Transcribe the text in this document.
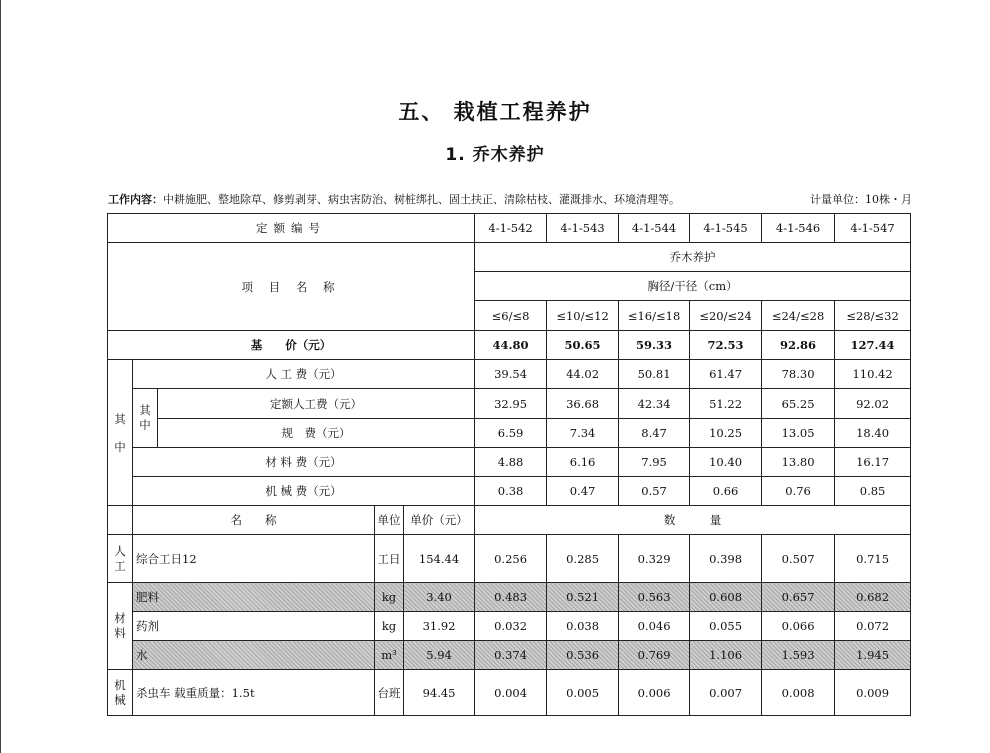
五、 栽植工程养护
1. 乔木养护
工作内容：中耕施肥、整地除草、修剪剥芽、病虫害防治、树桩绑扎、固土扶正、清除枯枝、灌溉排水、环境清理等。	计量单位：10株・月
定额编号					4-1-542	4-1-543	4-1-544	4-1-545	4-1-546	4-1-547
项 目 名 称					乔木养护					
					胸径/干径（cm）					
					≤6/≤8	≤10/≤12	≤16/≤18	≤20/≤24	≤24/≤28	≤28/≤32
基　　价（元）					44.80	50.65	59.33	72.53	92.86	127.44
其中	人 工 费（元）				39.54	44.02	50.81	61.47	78.30	110.42
	其中	定额人工费（元）			32.95	36.68	42.34	51.22	65.25	92.02
		规　费（元）			6.59	7.34	8.47	10.25	13.05	18.40
	材 料 费（元）				4.88	6.16	7.95	10.40	13.80	16.17
	机 械 费（元）				0.38	0.47	0.57	0.66	0.76	0.85
	名　　称		单位	单价（元）	数　　　量					
人工	综合工日12		工日	154.44	0.256	0.285	0.329	0.398	0.507	0.715
材料	肥料		kg	3.40	0.483	0.521	0.563	0.608	0.657	0.682
	药剂		kg	31.92	0.032	0.038	0.046	0.055	0.066	0.072
	水		m³	5.94	0.374	0.536	0.769	1.106	1.593	1.945
机械	杀虫车 载重质量：1.5t		台班	94.45	0.004	0.005	0.006	0.007	0.008	0.009
